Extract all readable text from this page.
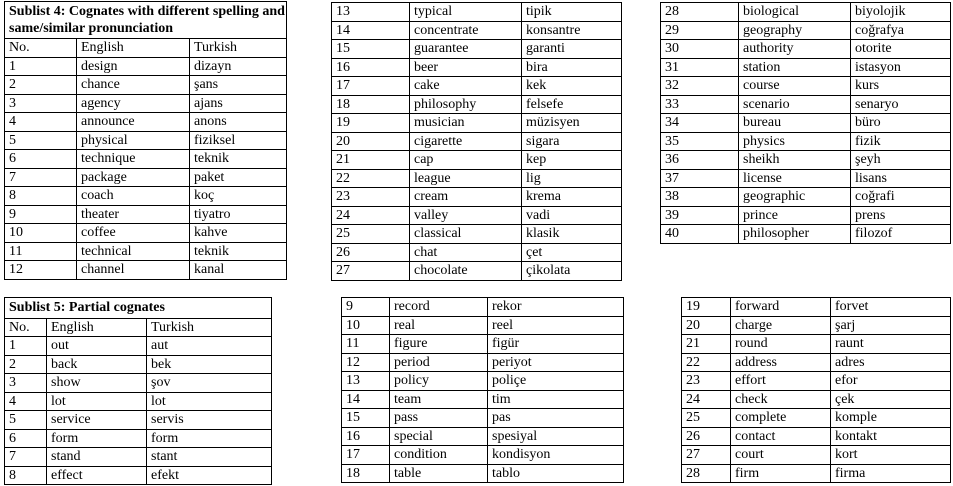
Sublist 4: Cognates with different spelling and same/similar pronunciation		
No.	English	Turkish
1	design	dizayn
2	chance	şans
3	agency	ajans
4	announce	anons
5	physical	fiziksel
6	technique	teknik
7	package	paket
8	coach	koç
9	theater	tiyatro
10	coffee	kahve
11	technical	teknik
12	channel	kanal
13	typical	tipik
14	concentrate	konsantre
15	guarantee	garanti
16	beer	bira
17	cake	kek
18	philosophy	felsefe
19	musician	müzisyen
20	cigarette	sigara
21	cap	kep
22	league	lig
23	cream	krema
24	valley	vadi
25	classical	klasik
26	chat	çet
27	chocolate	çikolata
28	biological	biyolojik
29	geography	coğrafya
30	authority	otorite
31	station	istasyon
32	course	kurs
33	scenario	senaryo
34	bureau	büro
35	physics	fizik
36	sheikh	şeyh
37	license	lisans
38	geographic	coğrafi
39	prince	prens
40	philosopher	filozof
Sublist 5: Partial cognates		
No.	English	Turkish
1	out	aut
2	back	bek
3	show	şov
4	lot	lot
5	service	servis
6	form	form
7	stand	stant
8	effect	efekt
9	record	rekor
10	real	reel
11	figure	figür
12	period	periyot
13	policy	poliçe
14	team	tim
15	pass	pas
16	special	spesiyal
17	condition	kondisyon
18	table	tablo
19	forward	forvet
20	charge	şarj
21	round	raunt
22	address	adres
23	effort	efor
24	check	çek
25	complete	komple
26	contact	kontakt
27	court	kort
28	firm	firma
